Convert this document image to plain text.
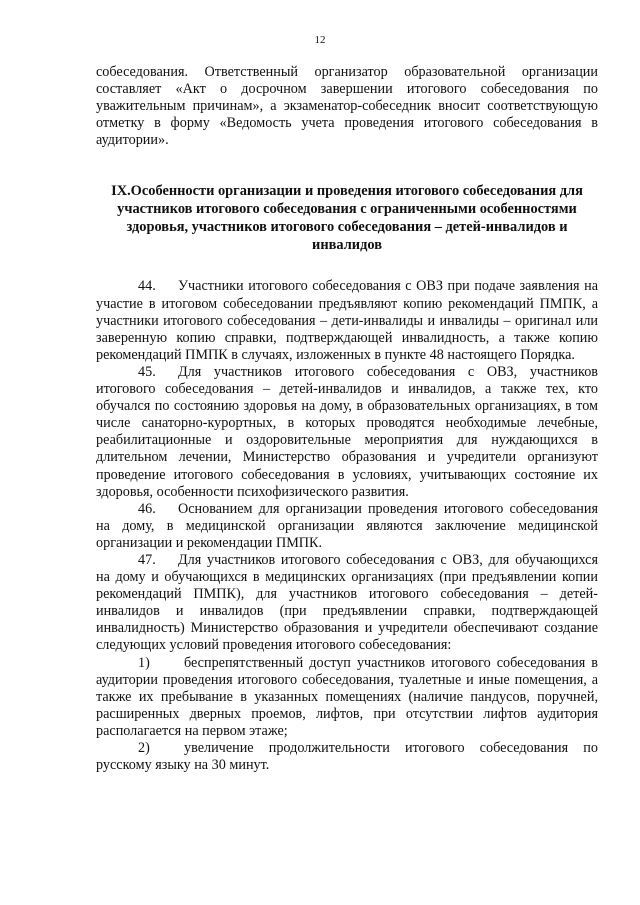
12

собеседования. Ответственный организатор образовательной организации составляет «Акт о досрочном завершении итогового собеседования по уважительным причинам», а экзаменатор-собеседник вносит соответствующую отметку в форму «Ведомость учета проведения итогового собеседования в аудитории».

IX.Особенности организации и проведения итогового собеседования для участников итогового собеседования с ограниченными особенностями здоровья, участников итогового собеседования – детей-инвалидов и инвалидов

44. Участники итогового собеседования с ОВЗ при подаче заявления на участие в итоговом собеседовании предъявляют копию рекомендаций ПМПК, а участники итогового собеседования – дети-инвалиды и инвалиды – оригинал или заверенную копию справки, подтверждающей инвалидность, а также копию рекомендаций ПМПК в случаях, изложенных в пункте 48 настоящего Порядка.

45. Для участников итогового собеседования с ОВЗ, участников итогового собеседования – детей-инвалидов и инвалидов, а также тех, кто обучался по состоянию здоровья на дому, в образовательных организациях, в том числе санаторно-курортных, в которых проводятся необходимые лечебные, реабилитационные и оздоровительные мероприятия для нуждающихся в длительном лечении, Министерство образования и учредители организуют проведение итогового собеседования в условиях, учитывающих состояние их здоровья, особенности психофизического развития.

46. Основанием для организации проведения итогового собеседования на дому, в медицинской организации являются заключение медицинской организации и рекомендации ПМПК.

47. Для участников итогового собеседования с ОВЗ, для обучающихся на дому и обучающихся в медицинских организациях (при предъявлении копии рекомендаций ПМПК), для участников итогового собеседования – детей-инвалидов и инвалидов (при предъявлении справки, подтверждающей инвалидность) Министерство образования и учредители обеспечивают создание следующих условий проведения итогового собеседования:

1) беспрепятственный доступ участников итогового собеседования в аудитории проведения итогового собеседования, туалетные и иные помещения, а также их пребывание в указанных помещениях (наличие пандусов, поручней, расширенных дверных проемов, лифтов, при отсутствии лифтов аудитория располагается на первом этаже;

2) увеличение продолжительности итогового собеседования по русскому языку на 30 минут.
